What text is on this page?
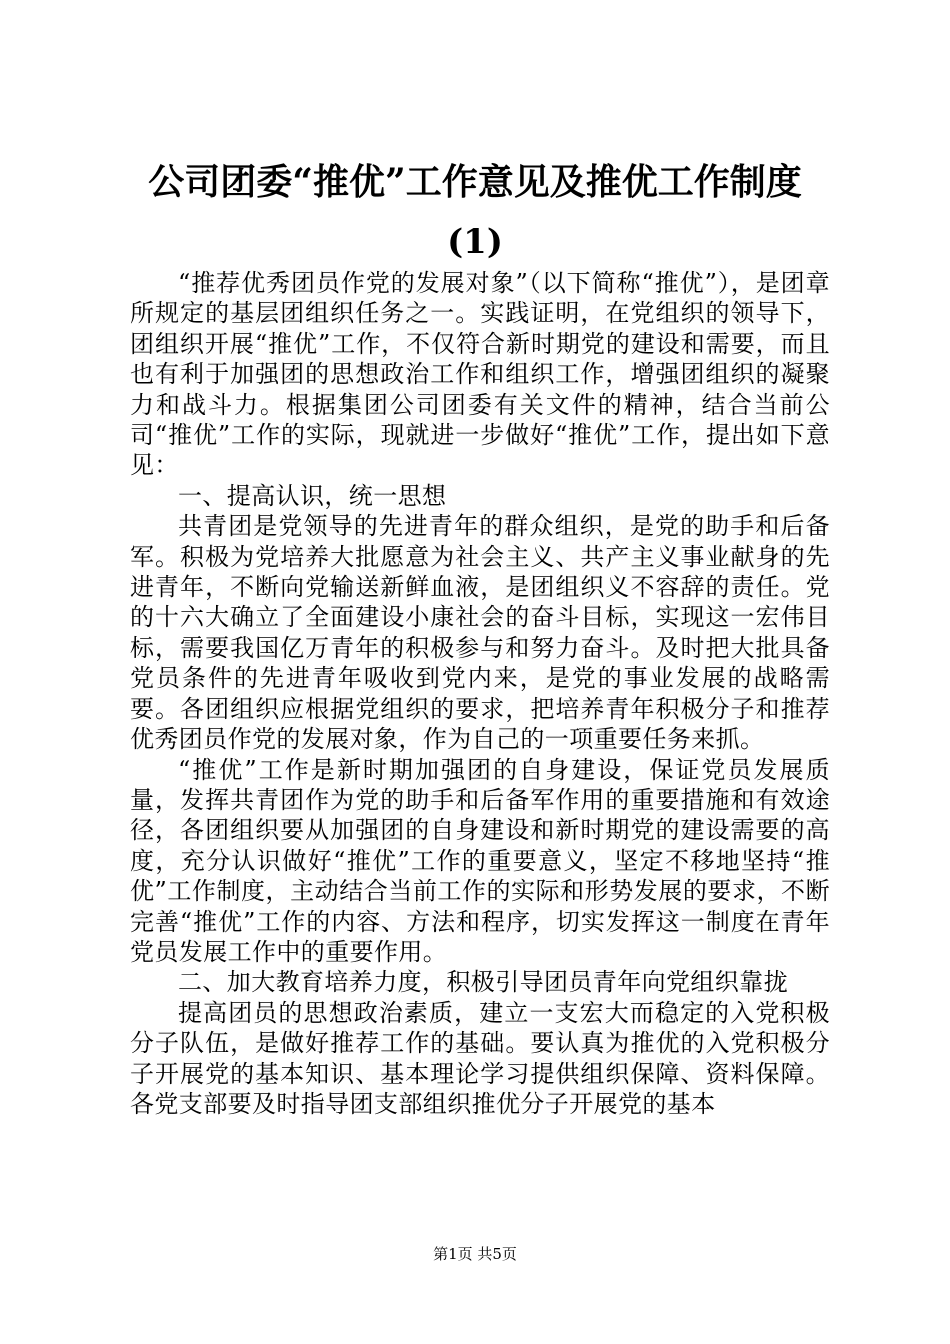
公司团委“推优”工作意见及推优工作制度
(1)

“推荐优秀团员作党的发展对象”（以下简称“推优”），是团章所规定的基层团组织任务之一。实践证明，在党组织的领导下，团组织开展“推优”工作，不仅符合新时期党的建设和需要，而且也有利于加强团的思想政治工作和组织工作，增强团组织的凝聚力和战斗力。根据集团公司团委有关文件的精神，结合当前公司“推优”工作的实际，现就进一步做好“推优”工作，提出如下意见：

一、提高认识，统一思想

共青团是党领导的先进青年的群众组织，是党的助手和后备军。积极为党培养大批愿意为社会主义、共产主义事业献身的先进青年，不断向党输送新鲜血液，是团组织义不容辞的责任。党的十六大确立了全面建设小康社会的奋斗目标，实现这一宏伟目标，需要我国亿万青年的积极参与和努力奋斗。及时把大批具备党员条件的先进青年吸收到党内来，是党的事业发展的战略需要。各团组织应根据党组织的要求，把培养青年积极分子和推荐优秀团员作党的发展对象，作为自己的一项重要任务来抓。

“推优”工作是新时期加强团的自身建设，保证党员发展质量，发挥共青团作为党的助手和后备军作用的重要措施和有效途径，各团组织要从加强团的自身建设和新时期党的建设需要的高度，充分认识做好“推优”工作的重要意义，坚定不移地坚持“推优”工作制度，主动结合当前工作的实际和形势发展的要求，不断完善“推优”工作的内容、方法和程序，切实发挥这一制度在青年党员发展工作中的重要作用。

二、加大教育培养力度，积极引导团员青年向党组织靠拢

提高团员的思想政治素质，建立一支宏大而稳定的入党积极分子队伍，是做好推荐工作的基础。要认真为推优的入党积极分子开展党的基本知识、基本理论学习提供组织保障、资料保障。各党支部要及时指导团支部组织推优分子开展党的基本

第1页 共5页
